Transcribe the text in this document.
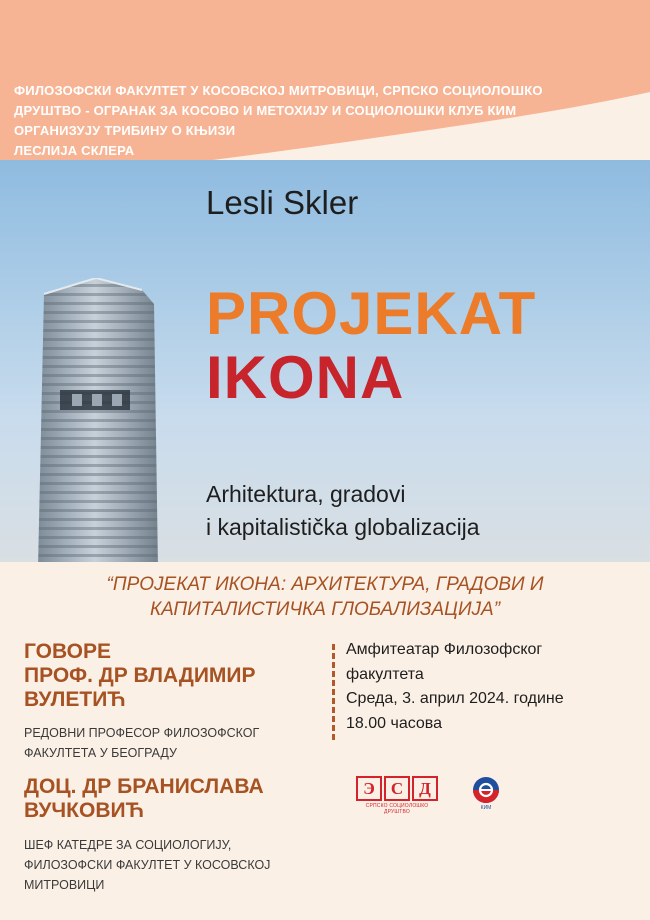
ФИЛОЗОФСКИ ФАКУЛТЕТ У КОСОВСКОЈ МИТРОВИЦИ, СРПСКО СОЦИОЛОШКО
ДРУШТВО - ОГРАНАК ЗА КОСОВО И МЕТОХИЈУ И СОЦИОЛОШКИ КЛУБ КИМ
ОРГАНИЗУЈУ ТРИБИНУ О КЊИЗИ
ЛЕСЛИЈА СКЛЕРА

Lesli Skler

PROJEKAT
IKONA

Arhitektura, gradovi
i kapitalistička globalizacija

“ПРОЈЕКАТ ИКОНА: АРХИТЕКТУРА, ГРАДОВИ И
КАПИТАЛИСТИЧКА ГЛОБАЛИЗАЦИЈА”

ГОВОРЕ
ПРОФ. ДР ВЛАДИМИР
ВУЛЕТИЋ

РЕДОВНИ ПРОФЕСОР ФИЛОЗОФСКОГ
ФАКУЛТЕТА У БЕОГРАДУ

ДОЦ. ДР БРАНИСЛАВА
ВУЧКОВИЋ

ШЕФ КАТЕДРЕ ЗА СОЦИОЛОГИЈУ,
ФИЛОЗОФСКИ ФАКУЛТЕТ У КОСОВСКОЈ
МИТРОВИЦИ

Амфитеатар Филозофског
факултета

Среда, 3. април 2024. године

18.00 часова

Э С Д
СРПСКО СОЦИОЛОШКО ДРУШТВО
КИМ
